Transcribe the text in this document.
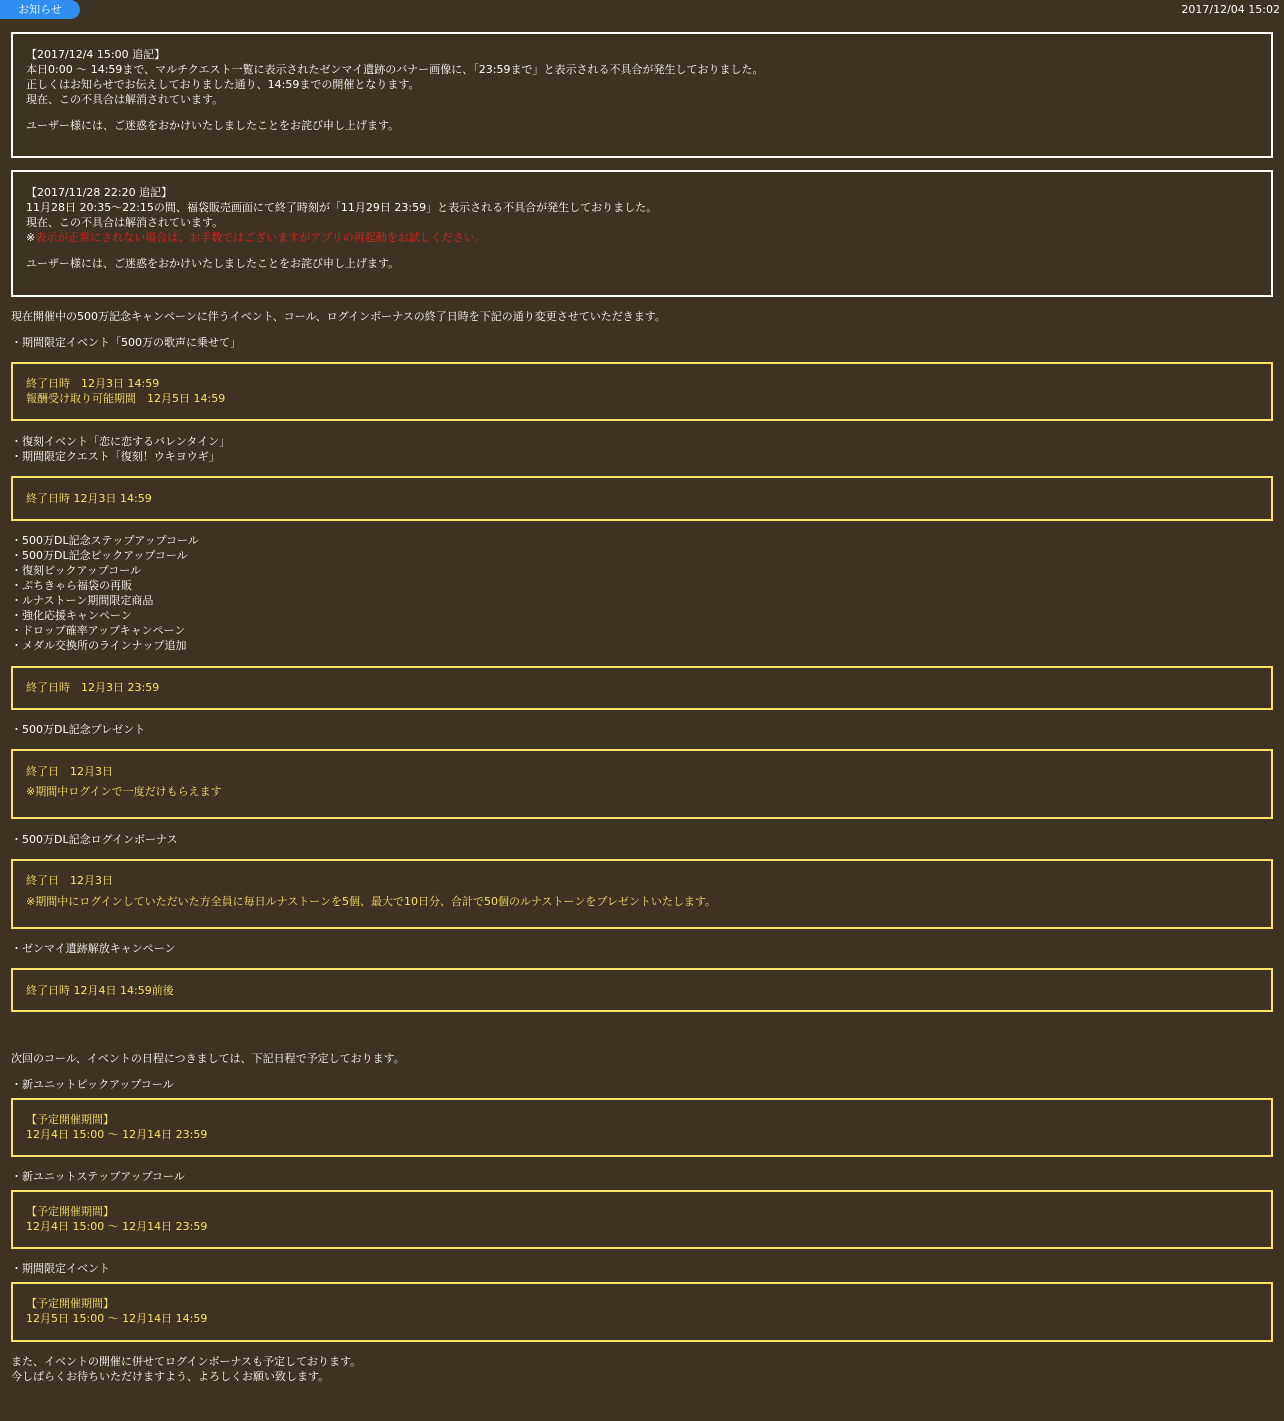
お知らせ	2017/12/04 15:02
【2017/12/4 15:00 追記】
本日0:00 ～ 14:59まで、マルチクエスト一覧に表示されたゼンマイ遺跡のバナー画像に、「23:59まで」と表示される不具合が発生しておりました。
正しくはお知らせでお伝えしておりました通り、14:59までの開催となります。
現在、この不具合は解消されています。
ユーザー様には、ご迷惑をおかけいたしましたことをお詫び申し上げます。
【2017/11/28 22:20 追記】
11月28日 20:35～22:15の間、福袋販売画面にて終了時刻が「11月29日 23:59」と表示される不具合が発生しておりました。
現在、この不具合は解消されています。
※表示が正常にされない場合は、お手数ではございますがアプリの再起動をお試しください。
ユーザー様には、ご迷惑をおかけいたしましたことをお詫び申し上げます。
現在開催中の500万記念キャンペーンに伴うイベント、コール、ログインボーナスの終了日時を下記の通り変更させていただきます。
・期間限定イベント「500万の歌声に乗せて」
終了日時　12月3日 14:59
報酬受け取り可能期間　12月5日 14:59
・復刻イベント「恋に恋するバレンタイン」
・期間限定クエスト「復刻！ウキヨウギ」
終了日時 12月3日 14:59
・500万DL記念ステップアップコール
・500万DL記念ピックアップコール
・復刻ピックアップコール
・ぷちきゃら福袋の再販
・ルナストーン期間限定商品
・強化応援キャンペーン
・ドロップ確率アップキャンペーン
・メダル交換所のラインナップ追加
終了日時　12月3日 23:59
・500万DL記念プレゼント
終了日　12月3日
※期間中ログインで一度だけもらえます
・500万DL記念ログインボーナス
終了日　12月3日
※期間中にログインしていただいた方全員に毎日ルナストーンを5個、最大で10日分、合計で50個のルナストーンをプレゼントいたします。
・ゼンマイ遺跡解放キャンペーン
終了日時 12月4日 14:59前後
次回のコール、イベントの日程につきましては、下記日程で予定しております。
・新ユニットピックアップコール
【予定開催期間】
12月4日 15:00 ～ 12月14日 23:59
・新ユニットステップアップコール
【予定開催期間】
12月4日 15:00 ～ 12月14日 23:59
・期間限定イベント
【予定開催期間】
12月5日 15:00 ～ 12月14日 14:59
また、イベントの開催に併せてログインボーナスも予定しております。
今しばらくお待ちいただけますよう、よろしくお願い致します。
